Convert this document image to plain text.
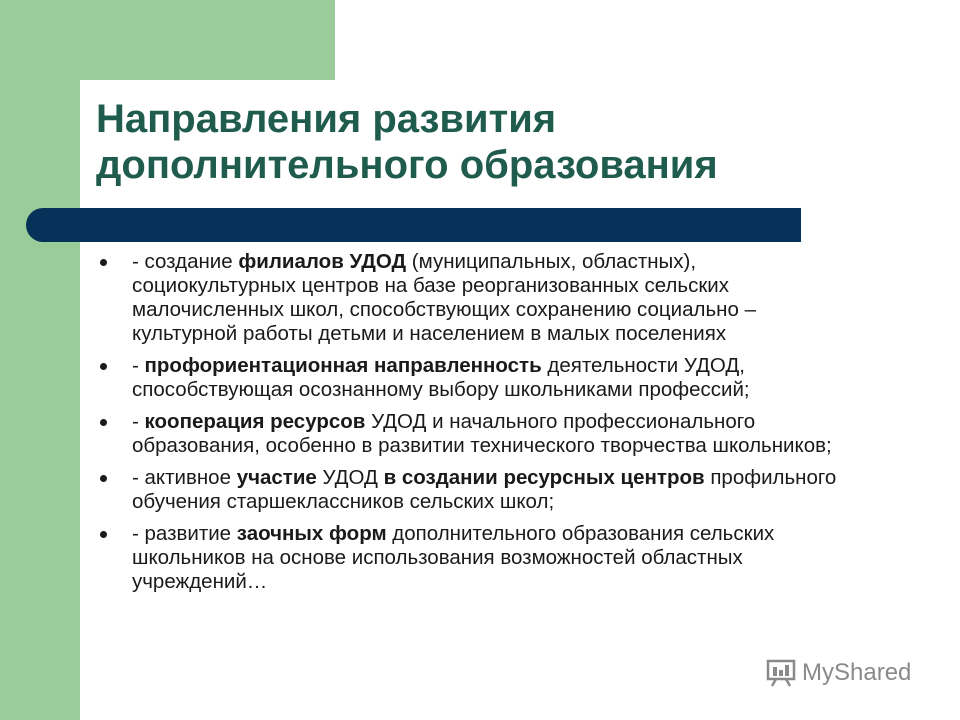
Направления развития
дополнительного образования
- создание филиалов УДОД (муниципальных, областных), социокультурных центров на базе реорганизованных сельских малочисленных школ, способствующих сохранению социально – культурной работы детьми и населением в малых поселениях
- профориентационная направленность деятельности УДОД, способствующая осознанному выбору школьниками профессий;
- кооперация ресурсов УДОД и начального профессионального образования, особенно в развитии технического творчества школьников;
- активное участие УДОД в создании ресурсных центров профильного обучения старшеклассников сельских школ;
- развитие заочных форм дополнительного образования сельских школьников на основе использования возможностей областных учреждений…
MyShared
